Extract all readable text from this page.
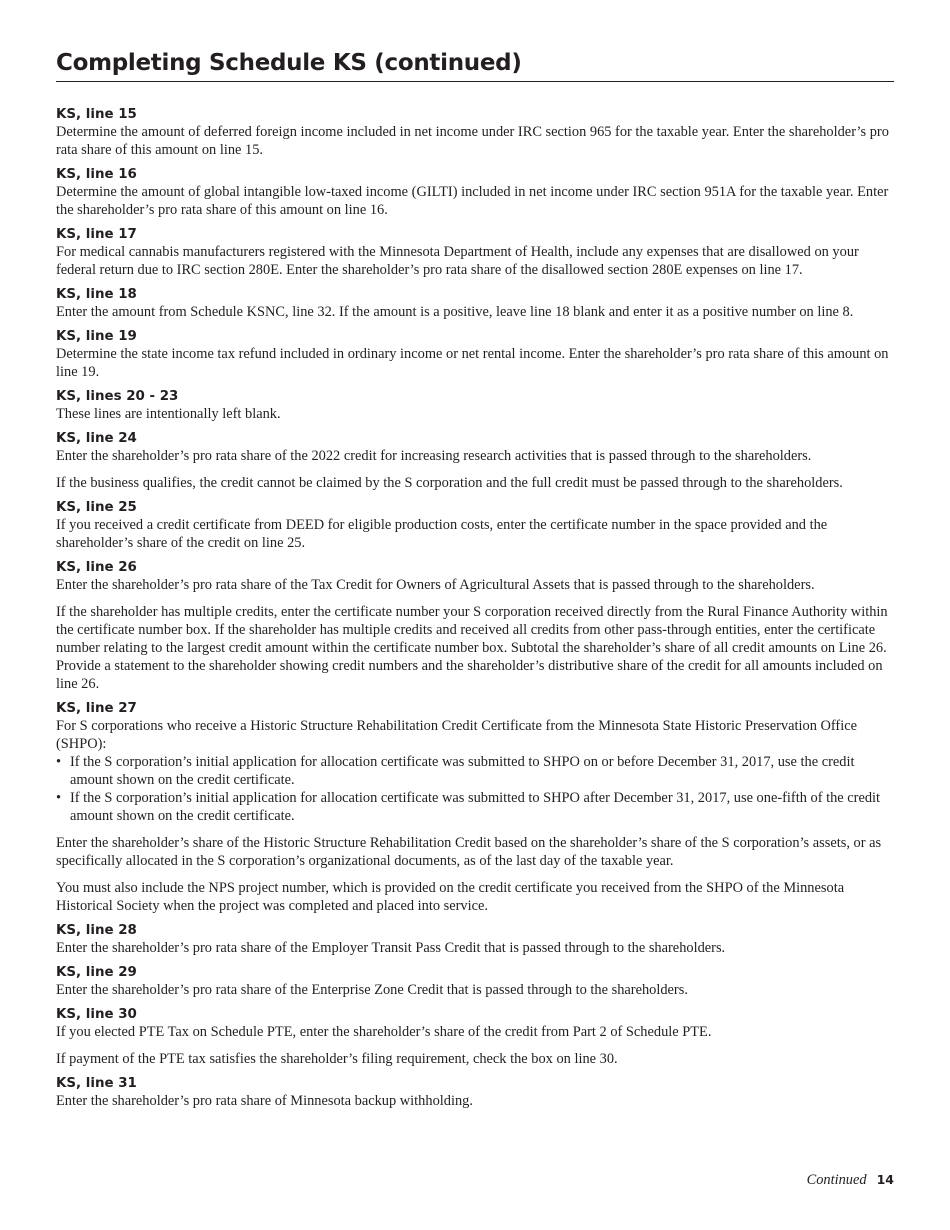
Completing Schedule KS (continued)
KS, line 15

Determine the amount of deferred foreign income included in net income under IRC section 965 for the taxable year. Enter the shareholder’s pro rata share of this amount on line 15.

KS, line 16

Determine the amount of global intangible low-taxed income (GILTI) included in net income under IRC section 951A for the taxable year. Enter the shareholder’s pro rata share of this amount on line 16.

KS, line 17

For medical cannabis manufacturers registered with the Minnesota Department of Health, include any expenses that are disallowed on your federal return due to IRC section 280E. Enter the shareholder’s pro rata share of the disallowed section 280E expenses on line 17.

KS, line 18

Enter the amount from Schedule KSNC, line 32. If the amount is a positive, leave line 18 blank and enter it as a positive number on line 8.

KS, line 19

Determine the state income tax refund included in ordinary income or net rental income. Enter the shareholder’s pro rata share of this amount on line 19.

KS, lines 20 - 23

These lines are intentionally left blank.

KS, line 24

Enter the shareholder’s pro rata share of the 2022 credit for increasing research activities that is passed through to the shareholders.

If the business qualifies, the credit cannot be claimed by the S corporation and the full credit must be passed through to the shareholders.

KS, line 25

If you received a credit certificate from DEED for eligible production costs, enter the certificate number in the space provided and the shareholder’s share of the credit on line 25.

KS, line 26

Enter the shareholder’s pro rata share of the Tax Credit for Owners of Agricultural Assets that is passed through to the shareholders.

If the shareholder has multiple credits, enter the certificate number your S corporation received directly from the Rural Finance Authority within the certificate number box. If the shareholder has multiple credits and received all credits from other pass-through entities, enter the certificate number relating to the largest credit amount within the certificate number box. Subtotal the shareholder’s share of all credit amounts on Line 26. Provide a statement to the shareholder showing credit numbers and the shareholder’s distributive share of the credit for all amounts included on line 26.

KS, line 27

For S corporations who receive a Historic Structure Rehabilitation Credit Certificate from the Minnesota State Historic Preservation Office (SHPO):

• If the S corporation’s initial application for allocation certificate was submitted to SHPO on or before December 31, 2017, use the credit amount shown on the credit certificate.
• If the S corporation’s initial application for allocation certificate was submitted to SHPO after December 31, 2017, use one-fifth of the credit amount shown on the credit certificate.

Enter the shareholder’s share of the Historic Structure Rehabilitation Credit based on the shareholder’s share of the S corporation’s assets, or as specifically allocated in the S corporation’s organizational documents, as of the last day of the taxable year.

You must also include the NPS project number, which is provided on the credit certificate you received from the SHPO of the Minnesota Historical Society when the project was completed and placed into service.

KS, line 28

Enter the shareholder’s pro rata share of the Employer Transit Pass Credit that is passed through to the shareholders.

KS, line 29

Enter the shareholder’s pro rata share of the Enterprise Zone Credit that is passed through to the shareholders.

KS, line 30

If you elected PTE Tax on Schedule PTE, enter the shareholder’s share of the credit from Part 2 of Schedule PTE.

If payment of the PTE tax satisfies the shareholder’s filing requirement, check the box on line 30.

KS, line 31

Enter the shareholder’s pro rata share of Minnesota backup withholding.

Continued 14
